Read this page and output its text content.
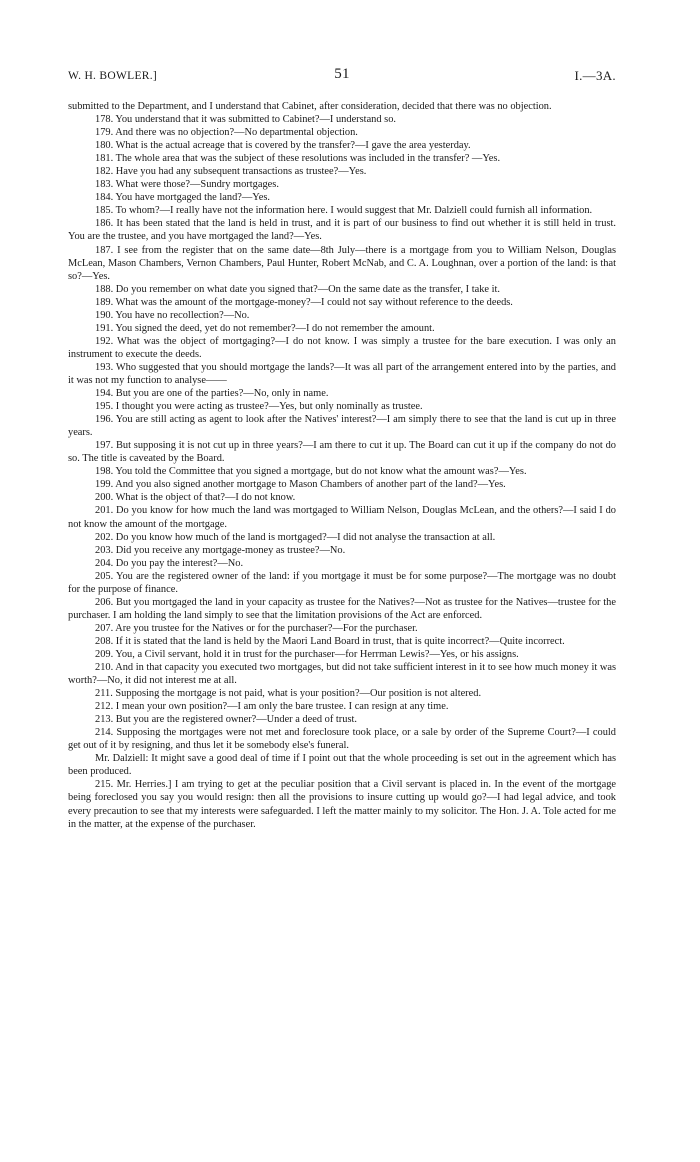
W. H. BOWLER.]	51	I.—3A.

submitted to the Department, and I understand that Cabinet, after consideration, decided that there was no objection.

178. You understand that it was submitted to Cabinet?—I understand so.

179. And there was no objection?—No departmental objection.

180. What is the actual acreage that is covered by the transfer?—I gave the area yesterday.

181. The whole area that was the subject of these resolutions was included in the transfer? —Yes.

182. Have you had any subsequent transactions as trustee?—Yes.

183. What were those?—Sundry mortgages.

184. You have mortgaged the land?—Yes.

185. To whom?—I really have not the information here. I would suggest that Mr. Dalziell could furnish all information.

186. It has been stated that the land is held in trust, and it is part of our business to find out whether it is still held in trust. You are the trustee, and you have mortgaged the land?—Yes.

187. I see from the register that on the same date—8th July—there is a mortgage from you to William Nelson, Douglas McLean, Mason Chambers, Vernon Chambers, Paul Hunter, Robert McNab, and C. A. Loughnan, over a portion of the land: is that so?—Yes.

188. Do you remember on what date you signed that?—On the same date as the transfer, I take it.

189. What was the amount of the mortgage-money?—I could not say without reference to the deeds.

190. You have no recollection?—No.

191. You signed the deed, yet do not remember?—I do not remember the amount.

192. What was the object of mortgaging?—I do not know. I was simply a trustee for the bare execution. I was only an instrument to execute the deeds.

193. Who suggested that you should mortgage the lands?—It was all part of the arrangement entered into by the parties, and it was not my function to analyse——

194. But you are one of the parties?—No, only in name.

195. I thought you were acting as trustee?—Yes, but only nominally as trustee.

196. You are still acting as agent to look after the Natives' interest?—I am simply there to see that the land is cut up in three years.

197. But supposing it is not cut up in three years?—I am there to cut it up. The Board can cut it up if the company do not do so. The title is caveated by the Board.

198. You told the Committee that you signed a mortgage, but do not know what the amount was?—Yes.

199. And you also signed another mortgage to Mason Chambers of another part of the land?—Yes.

200. What is the object of that?—I do not know.

201. Do you know for how much the land was mortgaged to William Nelson, Douglas McLean, and the others?—I said I do not know the amount of the mortgage.

202. Do you know how much of the land is mortgaged?—I did not analyse the transaction at all.

203. Did you receive any mortgage-money as trustee?—No.

204. Do you pay the interest?—No.

205. You are the registered owner of the land: if you mortgage it must be for some purpose?—The mortgage was no doubt for the purpose of finance.

206. But you mortgaged the land in your capacity as trustee for the Natives?—Not as trustee for the Natives—trustee for the purchaser. I am holding the land simply to see that the limitation provisions of the Act are enforced.

207. Are you trustee for the Natives or for the purchaser?—For the purchaser.

208. If it is stated that the land is held by the Maori Land Board in trust, that is quite incorrect?—Quite incorrect.

209. You, a Civil servant, hold it in trust for the purchaser—for Herrman Lewis?—Yes, or his assigns.

210. And in that capacity you executed two mortgages, but did not take sufficient interest in it to see how much money it was worth?—No, it did not interest me at all.

211. Supposing the mortgage is not paid, what is your position?—Our position is not altered.

212. I mean your own position?—I am only the bare trustee. I can resign at any time.

213. But you are the registered owner?—Under a deed of trust.

214. Supposing the mortgages were not met and foreclosure took place, or a sale by order of the Supreme Court?—I could get out of it by resigning, and thus let it be somebody else's funeral.

Mr. Dalziell: It might save a good deal of time if I point out that the whole proceeding is set out in the agreement which has been produced.

215. Mr. Herries.] I am trying to get at the peculiar position that a Civil servant is placed in. In the event of the mortgage being foreclosed you say you would resign: then all the provisions to insure cutting up would go?—I had legal advice, and took every precaution to see that my interests were safeguarded. I left the matter mainly to my solicitor. The Hon. J. A. Tole acted for me in the matter, at the expense of the purchaser.
